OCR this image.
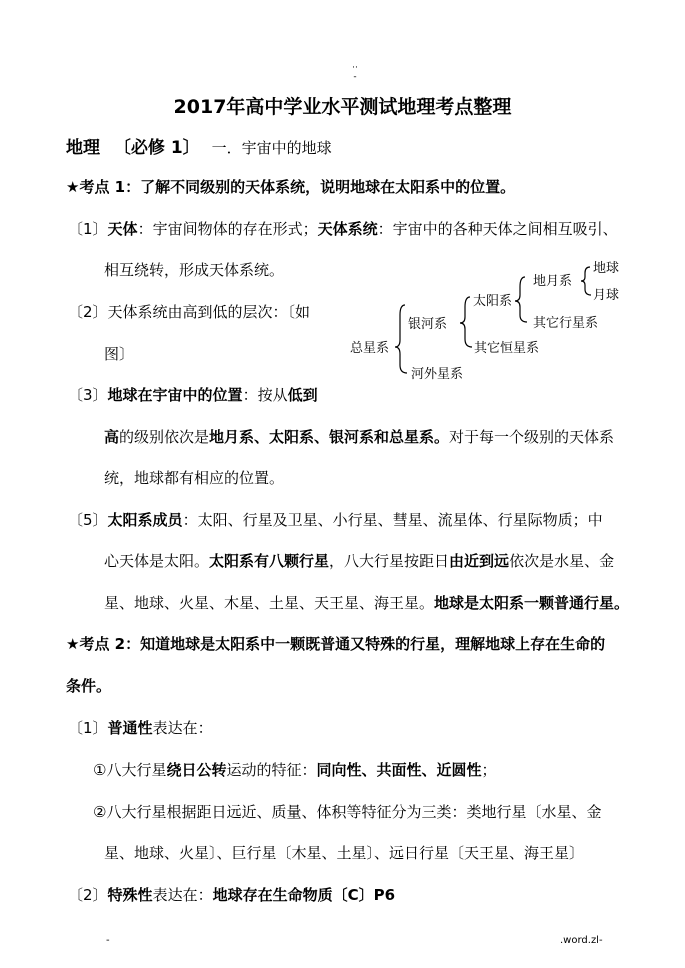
··
-
2017年高中学业水平测试地理考点整理
地理 〔必修 1〕 一．宇宙中的地球
★考点 1：了解不同级别的天体系统，说明地球在太阳系中的位置。
〔1〕天体：宇宙间物体的存在形式；天体系统：宇宙中的各种天体之间相互吸引、
相互绕转，形成天体系统。
〔2〕天体系统由高到低的层次：〔如
图〕	总星系
银河系
河外星系
太阳系
其它恒星系
地月系
其它行星系
地球
月球
〔3〕地球在宇宙中的位置：按从低到
高的级别依次是地月系、太阳系、银河系和总星系。对于每一个级别的天体系
统，地球都有相应的位置。
〔5〕太阳系成员：太阳、行星及卫星、小行星、彗星、流星体、行星际物质；中
心天体是太阳。太阳系有八颗行星，八大行星按距日由近到远依次是水星、金
星、地球、火星、木星、土星、天王星、海王星。地球是太阳系一颗普通行星。
★考点 2：知道地球是太阳系中一颗既普通又特殊的行星，理解地球上存在生命的
条件。
〔1〕普通性表达在：
①八大行星绕日公转运动的特征：同向性、共面性、近圆性；
②八大行星根据距日远近、质量、体积等特征分为三类：类地行星〔水星、金
星、地球、火星〕、巨行星〔木星、土星〕、远日行星〔天王星、海王星〕
〔2〕特殊性表达在：地球存在生命物质〔C〕P6
-	.word.zl-
